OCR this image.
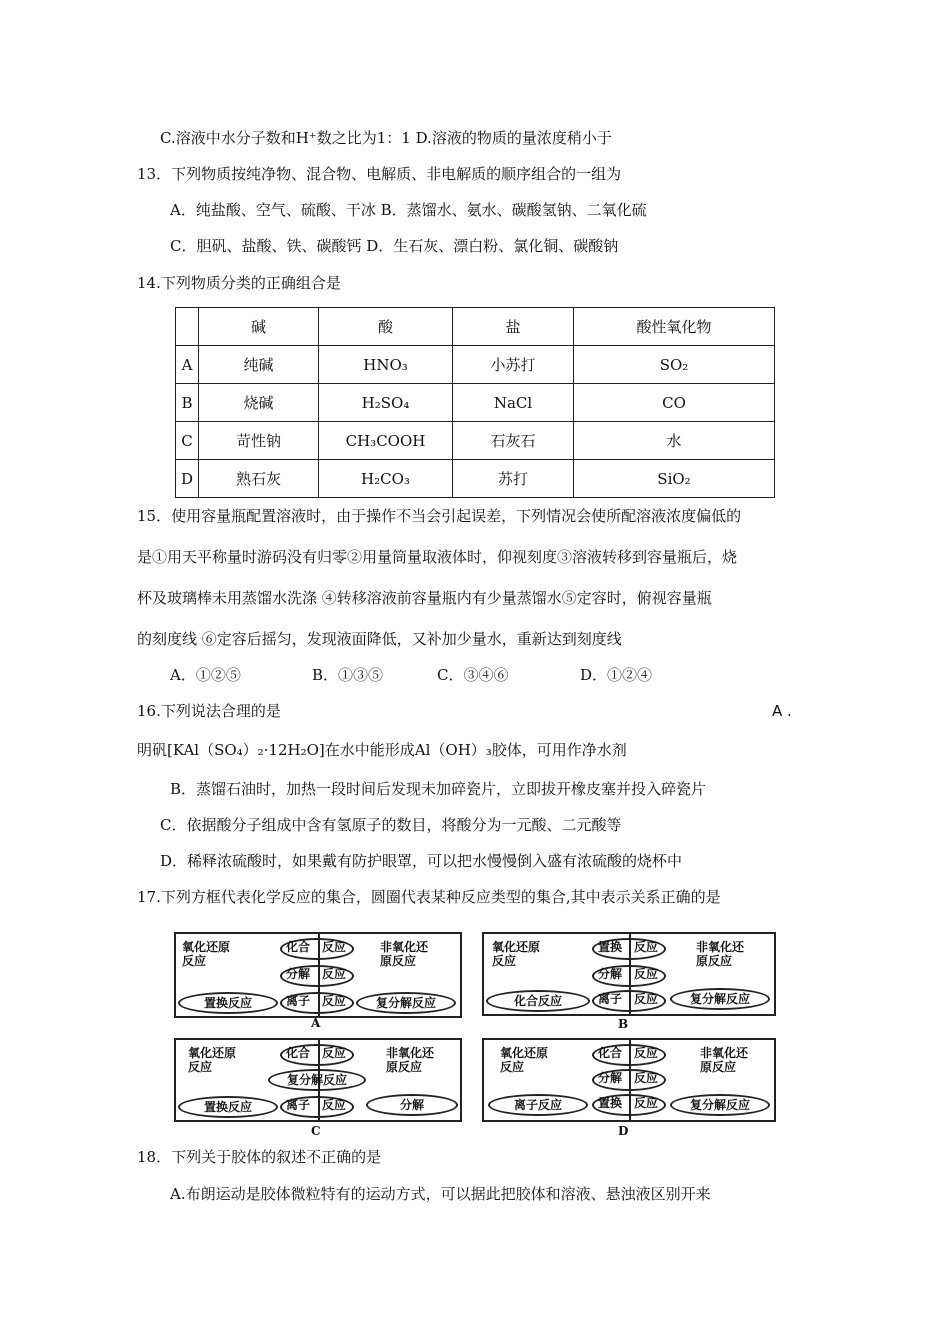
C.溶液中水分子数和H⁺数之比为1：1 D.溶液的物质的量浓度稍小于
13．下列物质按纯净物、混合物、电解质、非电解质的顺序组合的一组为
A．纯盐酸、空气、硫酸、干冰 B．蒸馏水、氨水、碳酸氢钠、二氧化硫
C．胆矾、盐酸、铁、碳酸钙 D．生石灰、漂白粉、氯化铜、碳酸钠
14.下列物质分类的正确组合是
	碱	酸	盐	酸性氧化物
A	纯碱	HNO₃	小苏打	SO₂
B	烧碱	H₂SO₄	NaCl	CO
C	苛性钠	CH₃COOH	石灰石	水
D	熟石灰	H₂CO₃	苏打	SiO₂
15．使用容量瓶配置溶液时，由于操作不当会引起误差，下列情况会使所配溶液浓度偏低的
是①用天平称量时游码没有归零②用量筒量取液体时，仰视刻度③溶液转移到容量瓶后，烧
杯及玻璃棒未用蒸馏水洗涤 ④转移溶液前容量瓶内有少量蒸馏水⑤定容时，俯视容量瓶
的刻度线 ⑥定容后摇匀，发现液面降低，又补加少量水，重新达到刻度线
A．①②⑤	B．①③⑤	C．③④⑥	D．①②④
16.下列说法合理的是	A .
明矾[KAl（SO₄）₂·12H₂O]在水中能形成Al（OH）₃胶体，可用作净水剂
B．蒸馏石油时，加热一段时间后发现未加碎瓷片，立即拔开橡皮塞并投入碎瓷片
C．依据酸分子组成中含有氢原子的数目，将酸分为一元酸、二元酸等
D．稀释浓硫酸时，如果戴有防护眼罩，可以把水慢慢倒入盛有浓硫酸的烧杯中
17.下列方框代表化学反应的集合，圆圈代表某种反应类型的集合,其中表示关系正确的是
氧化还原
反应
非氧化还
原反应
化合 反应
分解 反应
置换反应	离子 反应	复分解反应
A
氧化还原
反应
非氧化还
原反应
置换 反应
分解 反应
化合反应	离子 反应	复分解反应
B
氧化还原
反应
非氧化还
原反应
化合 反应
复分解反应
置换反应	离子 反应	分解
C
氧化还原
反应
非氧化还
原反应
化合 反应
分解 反应
离子反应	置换 反应	复分解反应
D
18．下列关于胶体的叙述不正确的是
A.布朗运动是胶体微粒特有的运动方式，可以据此把胶体和溶液、悬浊液区别开来
